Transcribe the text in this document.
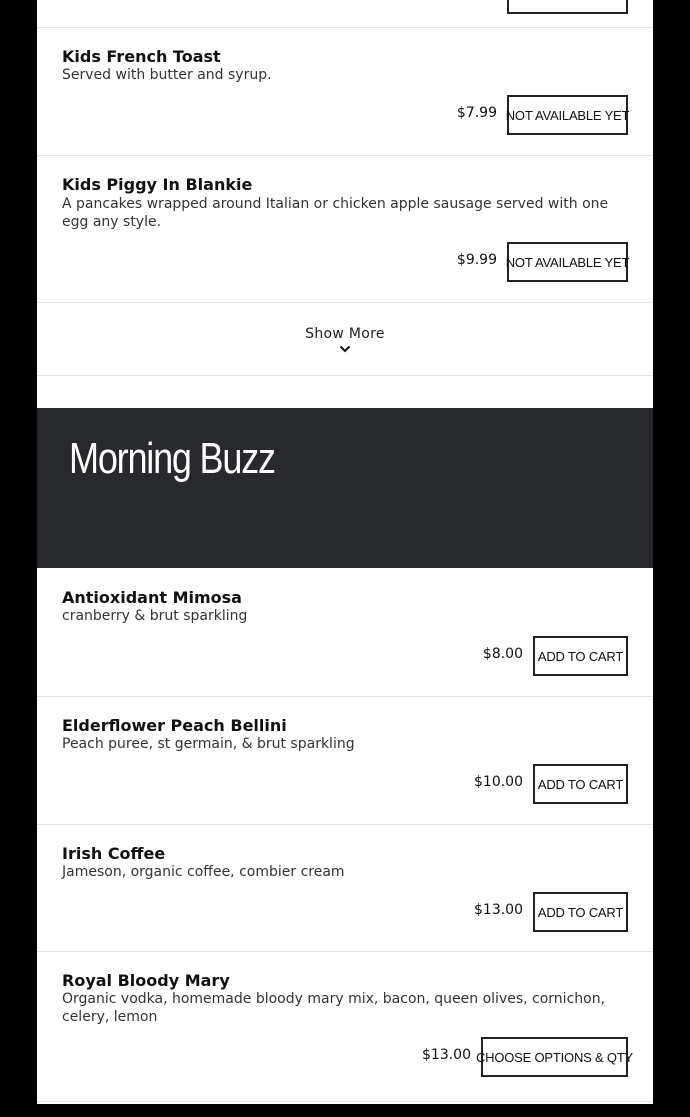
Kids French Toast
Served with butter and syrup.
$7.99 NOT AVAILABLE YET
Kids Piggy In Blankie
A pancakes wrapped around Italian or chicken apple sausage served with one egg any style.
$9.99 NOT AVAILABLE YET
Show More
Morning Buzz
Antioxidant Mimosa
cranberry & brut sparkling
$8.00	ADD TO CART
Elderflower Peach Bellini
Peach puree, st germain, & brut sparkling
$10.00	ADD TO CART
Irish Coffee
Jameson, organic coffee, combier cream
$13.00	ADD TO CART
Royal Bloody Mary
Organic vodka, homemade bloody mary mix, bacon, queen olives, cornichon, celery, lemon
$13.00 CHOOSE OPTIONS & QTY
